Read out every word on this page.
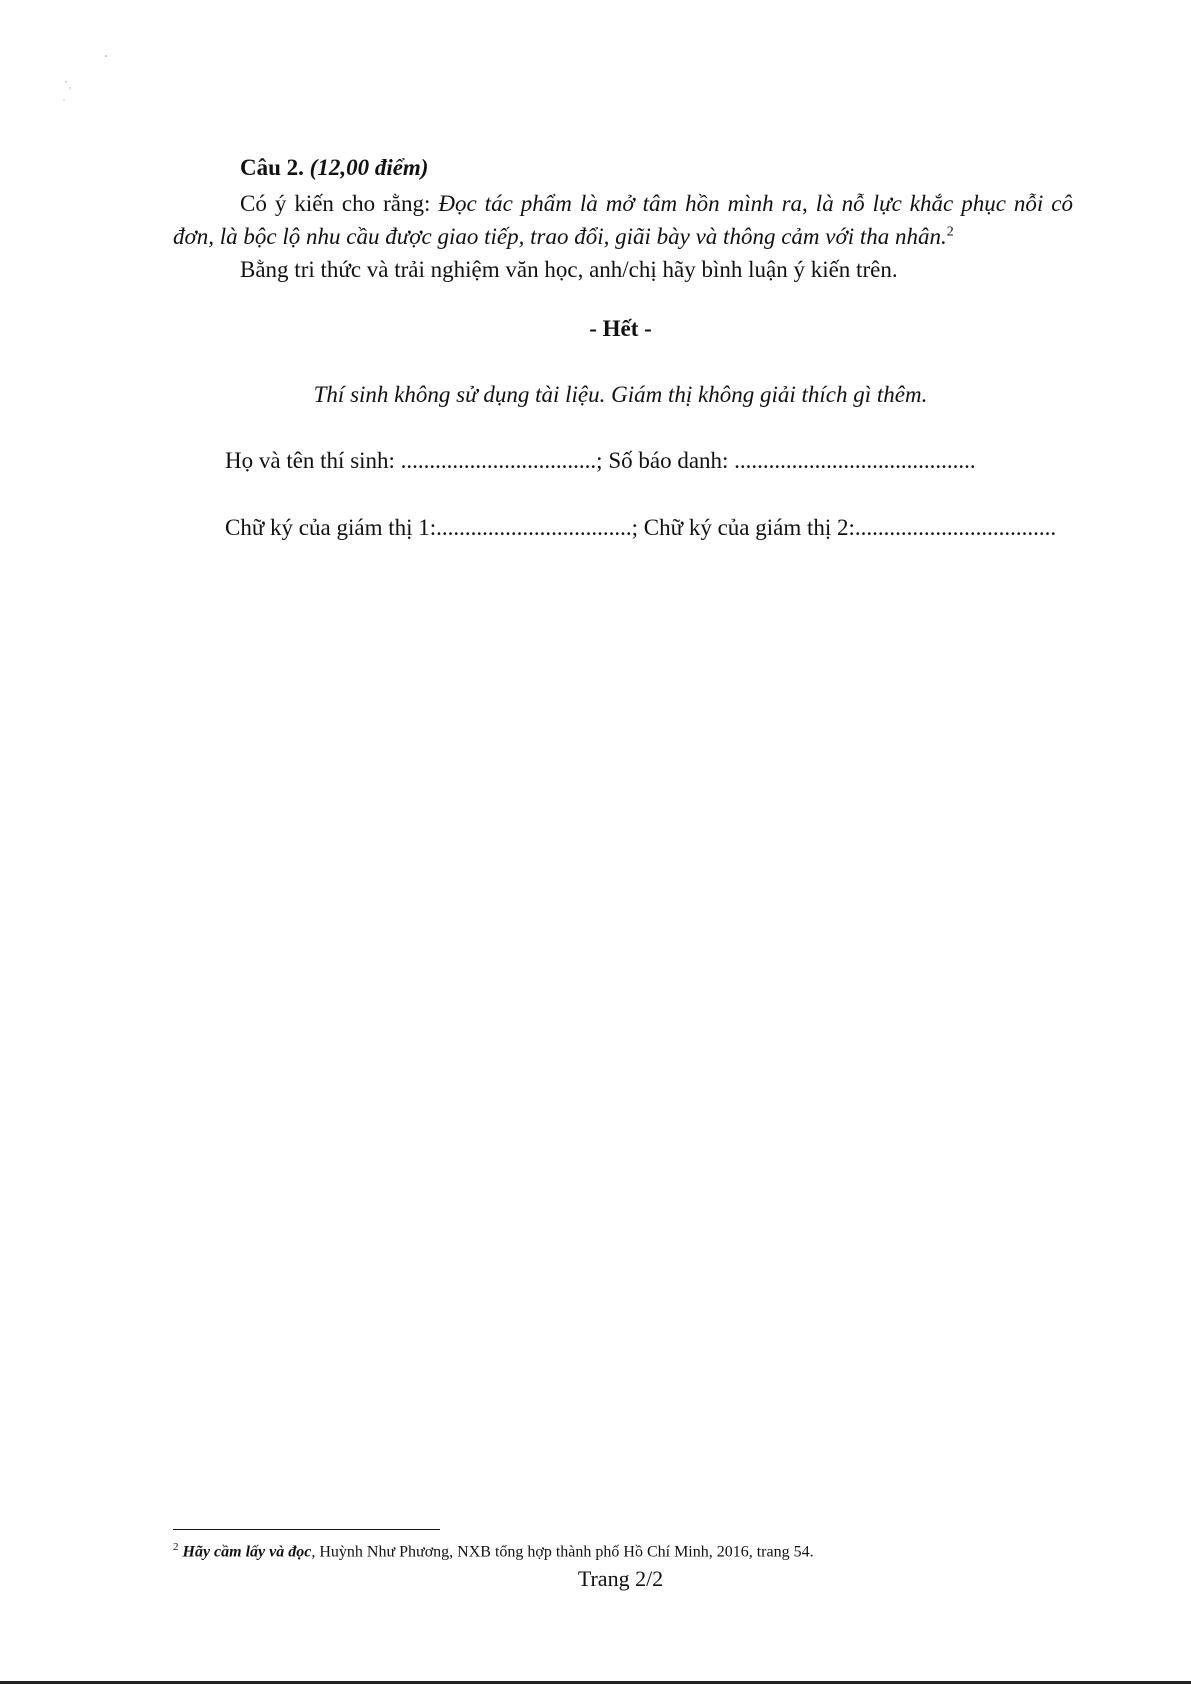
Câu 2. (12,00 điểm)
Có ý kiến cho rằng: Đọc tác phẩm là mở tâm hồn mình ra, là nỗ lực khắc phục nỗi cô đơn, là bộc lộ nhu cầu được giao tiếp, trao đổi, giãi bày và thông cảm với tha nhân.$^2$
Bằng tri thức và trải nghiệm văn học, anh/chị hãy bình luận ý kiến trên.
- Hết -
Thí sinh không sử dụng tài liệu. Giám thị không giải thích gì thêm.
Họ và tên thí sinh: ..................................; Số báo danh: ..........................................
Chữ ký của giám thị 1:..................................; Chữ ký của giám thị 2:...................................
$^2$ Hãy cầm lấy và đọc, Huỳnh Như Phương, NXB tổng hợp thành phố Hồ Chí Minh, 2016, trang 54.
Trang 2/2
